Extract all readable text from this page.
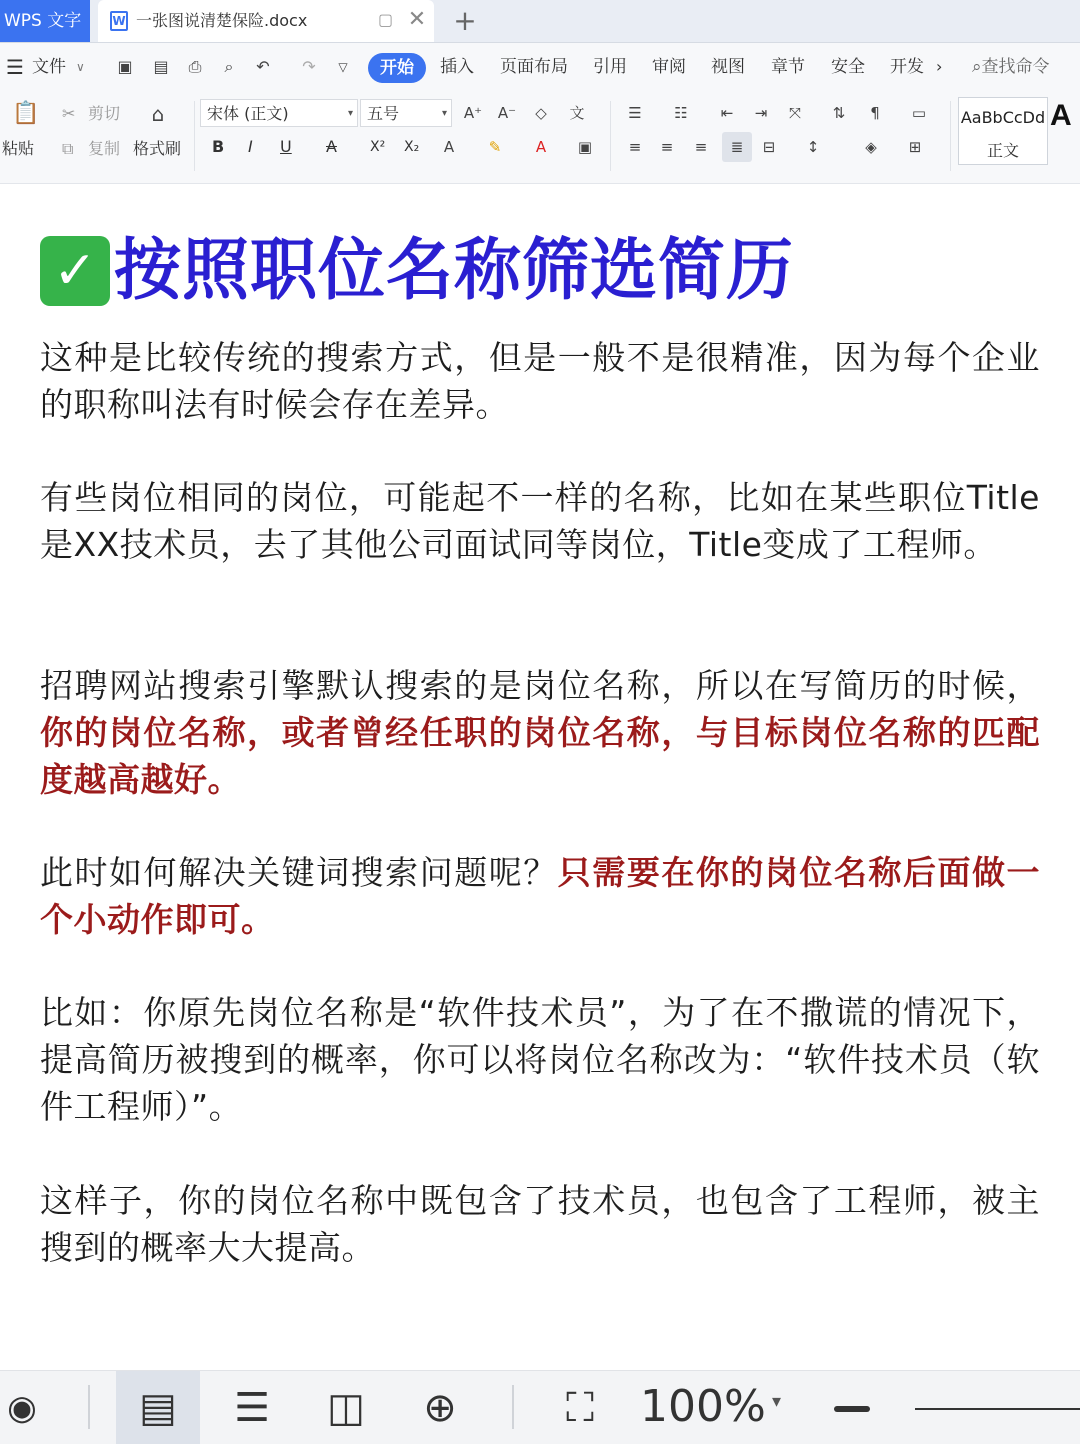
WPS 文字	W 一张图说清楚保险.docx	▢ ✕ +
☰ 文件 ∨ ▣ ▤ ⎙	⌕	↶ ↷	▽	开始	插入 页面布局 引用 审阅 视图 章节 安全 开发 › ⌕查找命令
📋
粘贴
✂ 剪切
⧉ 复制
⌂
格式刷
宋体 (正文)	▾ 五号	▾ A⁺ A⁻	◇	文
B I U A X² X₂	A	✎	A	▣
☰ ☷	⇤	⇥	⤧	⇅	¶	▭
≡	≡	≡	≣	⊟	↕	◈	⊞
AaBbCcDd
正文
A
✓ 按照职位名称筛选简历
这种是比较传统的搜索方式，但是一般不是很精准，因为每个企业的职称叫法有时候会存在差异。
有些岗位相同的岗位，可能起不一样的名称，比如在某些职位Title是XX技术员，去了其他公司面试同等岗位，Title变成了工程师。
招聘网站搜索引擎默认搜索的是岗位名称，所以在写简历的时候，你的岗位名称，或者曾经任职的岗位名称，与目标岗位名称的匹配度越高越好。
此时如何解决关键词搜索问题呢？只需要在你的岗位名称后面做一个小动作即可。
比如：你原先岗位名称是“软件技术员”，为了在不撒谎的情况下，提高简历被搜到的概率，你可以将岗位名称改为：“软件技术员（软件工程师）”。
这样子，你的岗位名称中既包含了技术员，也包含了工程师，被主搜到的概率大大提高。
◉	▤ ☰ ◫ ⊕	⛶	100% ▾
